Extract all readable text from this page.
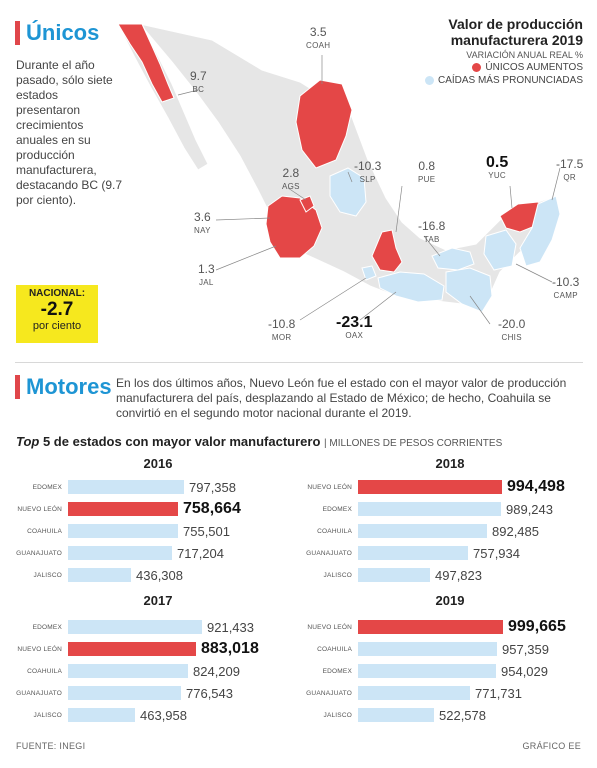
Únicos

Durante el año pasado, sólo siete estados presentaron crecimientos anuales en su producción manufacturera, destacando BC (9.7 por ciento).

9.7
BC
3.5
COAH
2.8
AGS
-10.3
SLP
0.8
PUE
0.5
YUC
-17.5
QR
3.6
NAY	-16.8
TAB
1.3
JAL	-10.3
CAMP
-10.8
MOR
-23.1
OAX
-20.0
CHIS
Valor de producción
manufacturera 2019
VARIACIÓN ANUAL REAL %
ÚNICOS AUMENTOS
CAÍDAS MÁS PRONUNCIADAS
NACIONAL:
-2.7
por ciento
Motores En los dos últimos años, Nuevo León fue el estado con el mayor valor de producción manufacturera del país, desplazando al Estado de México; de hecho, Coahuila se convirtió en el segundo motor nacional durante el 2019.

Top 5 de estados con mayor valor manufacturero | MILLONES DE PESOS CORRIENTES
2016	2018
2017	2019
EDOMEX	797,358
NUEVO LEÓN	758,664
COAHUILA	755,501
GUANAJUATO	717,204
JALISCO	436,308
NUEVO LEÓN	994,498
EDOMEX	989,243
COAHUILA	892,485
GUANAJUATO	757,934
JALISCO	497,823
EDOMEX	921,433
NUEVO LEÓN	883,018
COAHUILA	824,209
GUANAJUATO	776,543
JALISCO	463,958
NUEVO LEÓN	999,665
COAHUILA	957,359
EDOMEX	954,029
GUANAJUATO	771,731
JALISCO	522,578
FUENTE: INEGI	GRÁFICO EE
